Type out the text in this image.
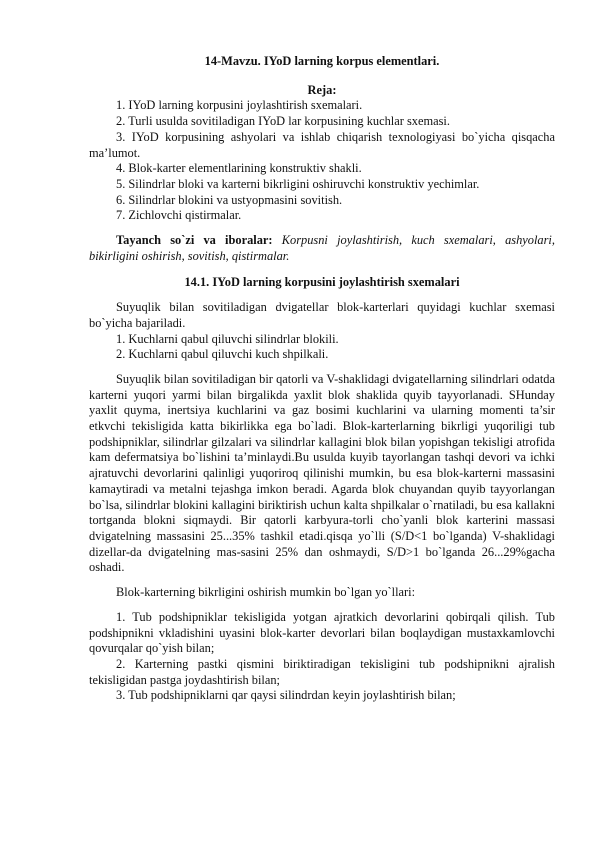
14-Mavzu. IYoD larning korpus elementlari.

Reja:

1. IYoD larning korpusini joylashtirish sxemalari.

2. Turli usulda sovitiladigan IYoD lar korpusining kuchlar sxemasi.

3. IYoD korpusining ashyolari va ishlab chiqarish texnologiyasi bo`yicha qisqacha ma’lumot.

4. Blok-karter elementlarining konstruktiv shakli.

5. Silindrlar bloki va karterni bikrligini oshiruvchi konstruktiv yechimlar.

6. Silindrlar blokini va ustyopmasini sovitish.

7. Zichlovchi qistirmalar.

Tayanch so`zi va iboralar: Korpusni joylashtirish, kuch sxemalari, ashyolari, bikirligini oshirish, sovitish, qistirmalar.

14.1. IYoD larning korpusini joylashtirish sxemalari

Suyuqlik bilan sovitiladigan dvigatellar blok-karterlari quyidagi kuchlar sxemasi bo`yicha bajariladi.

1. Kuchlarni qabul qiluvchi silindrlar blokili.

2. Kuchlarni qabul qiluvchi kuch shpilkali.

Suyuqlik bilan sovitiladigan bir qatorli va V-shaklidagi dvigatellarning silindrlari odatda karterni yuqori yarmi bilan birgalikda yaxlit blok shaklida quyib tayyorlanadi. SHunday yaxlit quyma, inertsiya kuchlarini va gaz bosimi kuchlarini va ularning momenti ta’sir etkvchi tekisligida katta bikirlikka ega bo`ladi. Blok-karterlarning bikrligi yuqoriligi tub podshipniklar, silindrlar gilzalari va silindrlar kallagini blok bilan yopishgan tekisligi atrofida kam defermatsiya bo`lishini ta’minlaydi.Bu usulda kuyib tayorlangan tashqi devori va ichki ajratuvchi devorlarini qalinligi yuqoriroq qilinishi mumkin, bu esa blok-karterni massasini kamaytiradi va metalni tejashga imkon beradi. Agarda blok chuyandan quyib tayyorlangan bo`lsa, silindrlar blokini kallagini biriktirish uchun kalta shpilkalar o`rnatiladi, bu esa kallakni tortganda blokni siqmaydi. Bir qatorli karbyura-torli cho`yanli blok karterini massasi dvigatelning massasini 25...35% tashkil etadi.qisqa yo`lli (S/D<1 bo`lganda) V-shaklidagi dizellar-da dvigatelning mas-sasini 25% dan oshmaydi, S/D>1 bo`lganda 26...29%gacha oshadi.

Blok-karterning bikrligini oshirish mumkin bo`lgan yo`llari:

1. Tub podshipniklar tekisligida yotgan ajratkich devorlarini qobirqali qilish. Tub podshipnikni vkladishini uyasini blok-karter devorlari bilan boqlaydigan mustaxkamlovchi qovurqalar qo`yish bilan;

2. Karterning pastki qismini biriktiradigan tekisligini tub podshipnikni ajralish tekisligidan pastga joydashtirish bilan;

3. Tub podshipniklarni qar qaysi silindrdan keyin joylashtirish bilan;
